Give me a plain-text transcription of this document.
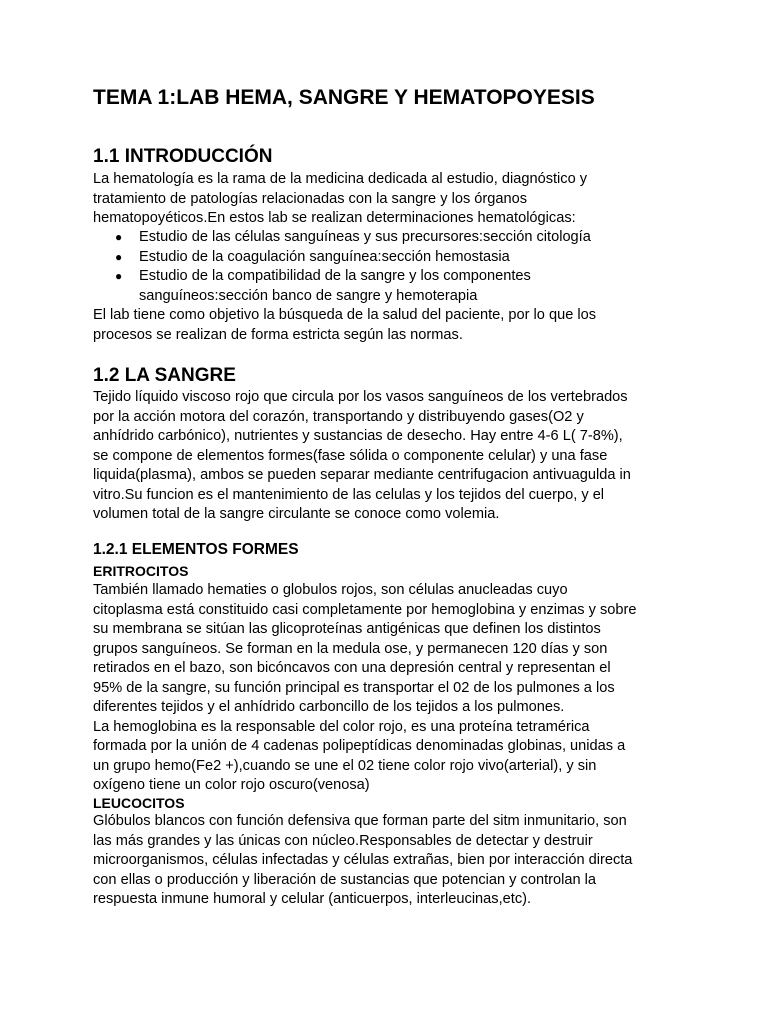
TEMA 1:LAB HEMA, SANGRE Y HEMATOPOYESIS
1.1 INTRODUCCIÓN
La hematología es la rama de la medicina dedicada al estudio, diagnóstico y
tratamiento de patologías relacionadas con la sangre y los órganos
hematopoyéticos.En estos lab se realizan determinaciones hematológicas:
● Estudio de las células sanguíneas y sus precursores:sección citología
● Estudio de la coagulación sanguínea:sección hemostasia
● Estudio de la compatibilidad de la sangre y los componentes
sanguíneos:sección banco de sangre y hemoterapia
El lab tiene como objetivo la búsqueda de la salud del paciente, por lo que los
procesos se realizan de forma estricta según las normas.
1.2 LA SANGRE
Tejido líquido viscoso rojo que circula por los vasos sanguíneos de los vertebrados
por la acción motora del corazón, transportando y distribuyendo gases(O2 y
anhídrido carbónico), nutrientes y sustancias de desecho. Hay entre 4-6 L( 7-8%),
se compone de elementos formes(fase sólida o componente celular) y una fase
liquida(plasma), ambos se pueden separar mediante centrifugacion antivuagulda in
vitro.Su funcion es el mantenimiento de las celulas y los tejidos del cuerpo, y el
volumen total de la sangre circulante se conoce como volemia.
1.2.1 ELEMENTOS FORMES
ERITROCITOS
También llamado hematies o globulos rojos, son células anucleadas cuyo
citoplasma está constituido casi completamente por hemoglobina y enzimas y sobre
su membrana se sitúan las glicoproteínas antigénicas que definen los distintos
grupos sanguíneos. Se forman en la medula ose, y permanecen 120 días y son
retirados en el bazo, son bicóncavos con una depresión central y representan el
95% de la sangre, su función principal es transportar el 02 de los pulmones a los
diferentes tejidos y el anhídrido carboncillo de los tejidos a los pulmones.
La hemoglobina es la responsable del color rojo, es una proteína tetramérica
formada por la unión de 4 cadenas polipeptídicas denominadas globinas, unidas a
un grupo hemo(Fe2 +),cuando se une el 02 tiene color rojo vivo(arterial), y sin
oxígeno tiene un color rojo oscuro(venosa)
LEUCOCITOS
Glóbulos blancos con función defensiva que forman parte del sitm inmunitario, son
las más grandes y las únicas con núcleo.Responsables de detectar y destruir
microorganismos, células infectadas y células extrañas, bien por interacción directa
con ellas o producción y liberación de sustancias que potencian y controlan la
respuesta inmune humoral y celular (anticuerpos, interleucinas,etc).
